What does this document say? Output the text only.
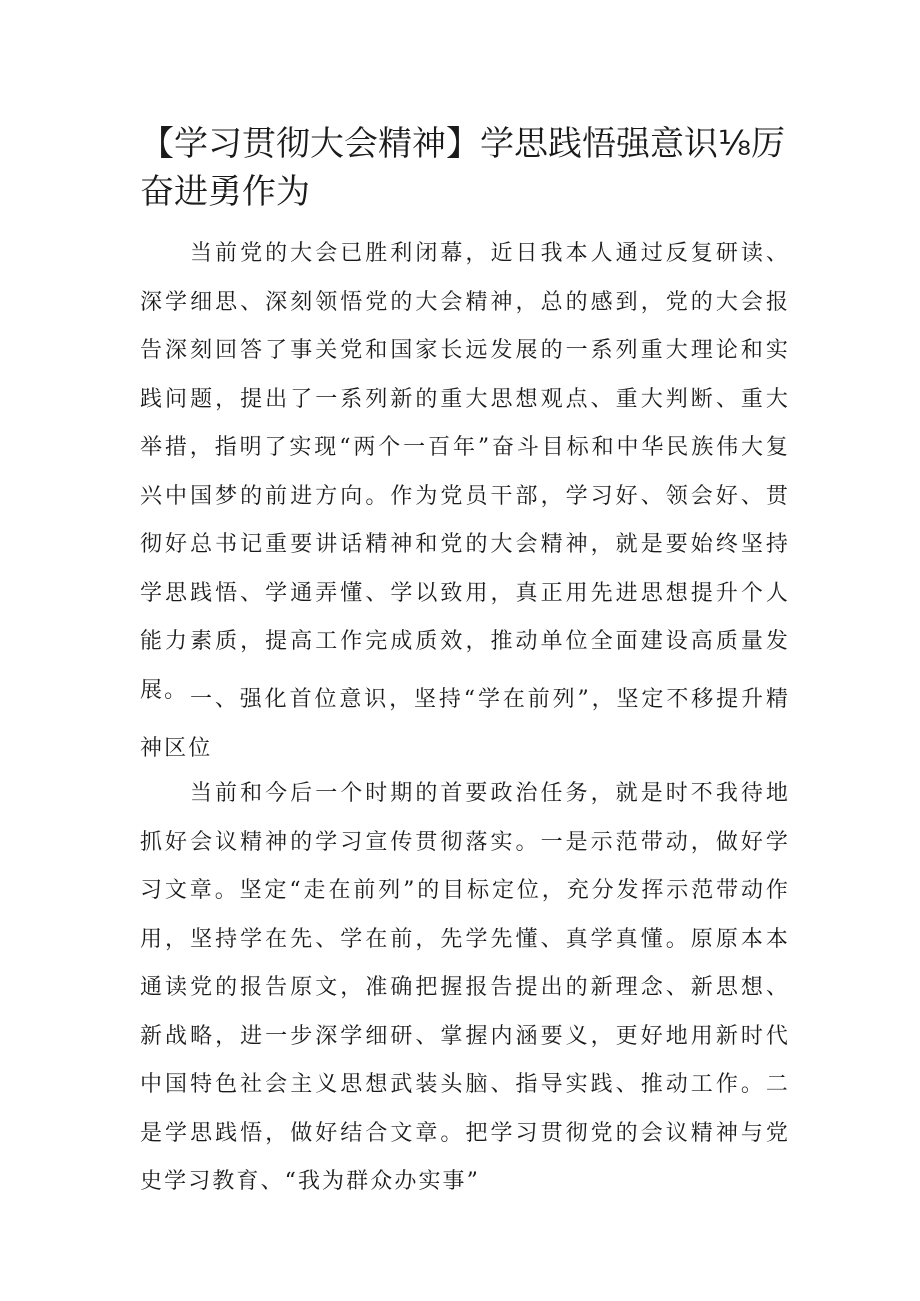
【学习贯彻大会精神】学思践悟强意识⅛厉奋进勇作为

当前党的大会已胜利闭幕，近日我本人通过反复研读、深学细思、深刻领悟党的大会精神，总的感到，党的大会报告深刻回答了事关党和国家长远发展的一系列重大理论和实践问题，提出了一系列新的重大思想观点、重大判断、重大举措，指明了实现“两个一百年”奋斗目标和中华民族伟大复兴中国梦的前进方向。作为党员干部，学习好、领会好、贯彻好总书记重要讲话精神和党的大会精神，就是要始终坚持学思践悟、学通弄懂、学以致用，真正用先进思想提升个人能力素质，提高工作完成质效，推动单位全面建设高质量发展。 一、强化首位意识，坚持“学在前列”，坚定不移提升精神区位

当前和今后一个时期的首要政治任务，就是时不我待地抓好会议精神的学习宣传贯彻落实。一是示范带动，做好学习文章。坚定“走在前列”的目标定位，充分发挥示范带动作用，坚持学在先、学在前，先学先懂、真学真懂。原原本本通读党的报告原文，准确把握报告提出的新理念、新思想、新战略，进一步深学细研、掌握内涵要义，更好地用新时代中国特色社会主义思想武装头脑、指导实践、推动工作。二是学思践悟，做好结合文章。把学习贯彻党的会议精神与党史学习教育、“我为群众办实事”
